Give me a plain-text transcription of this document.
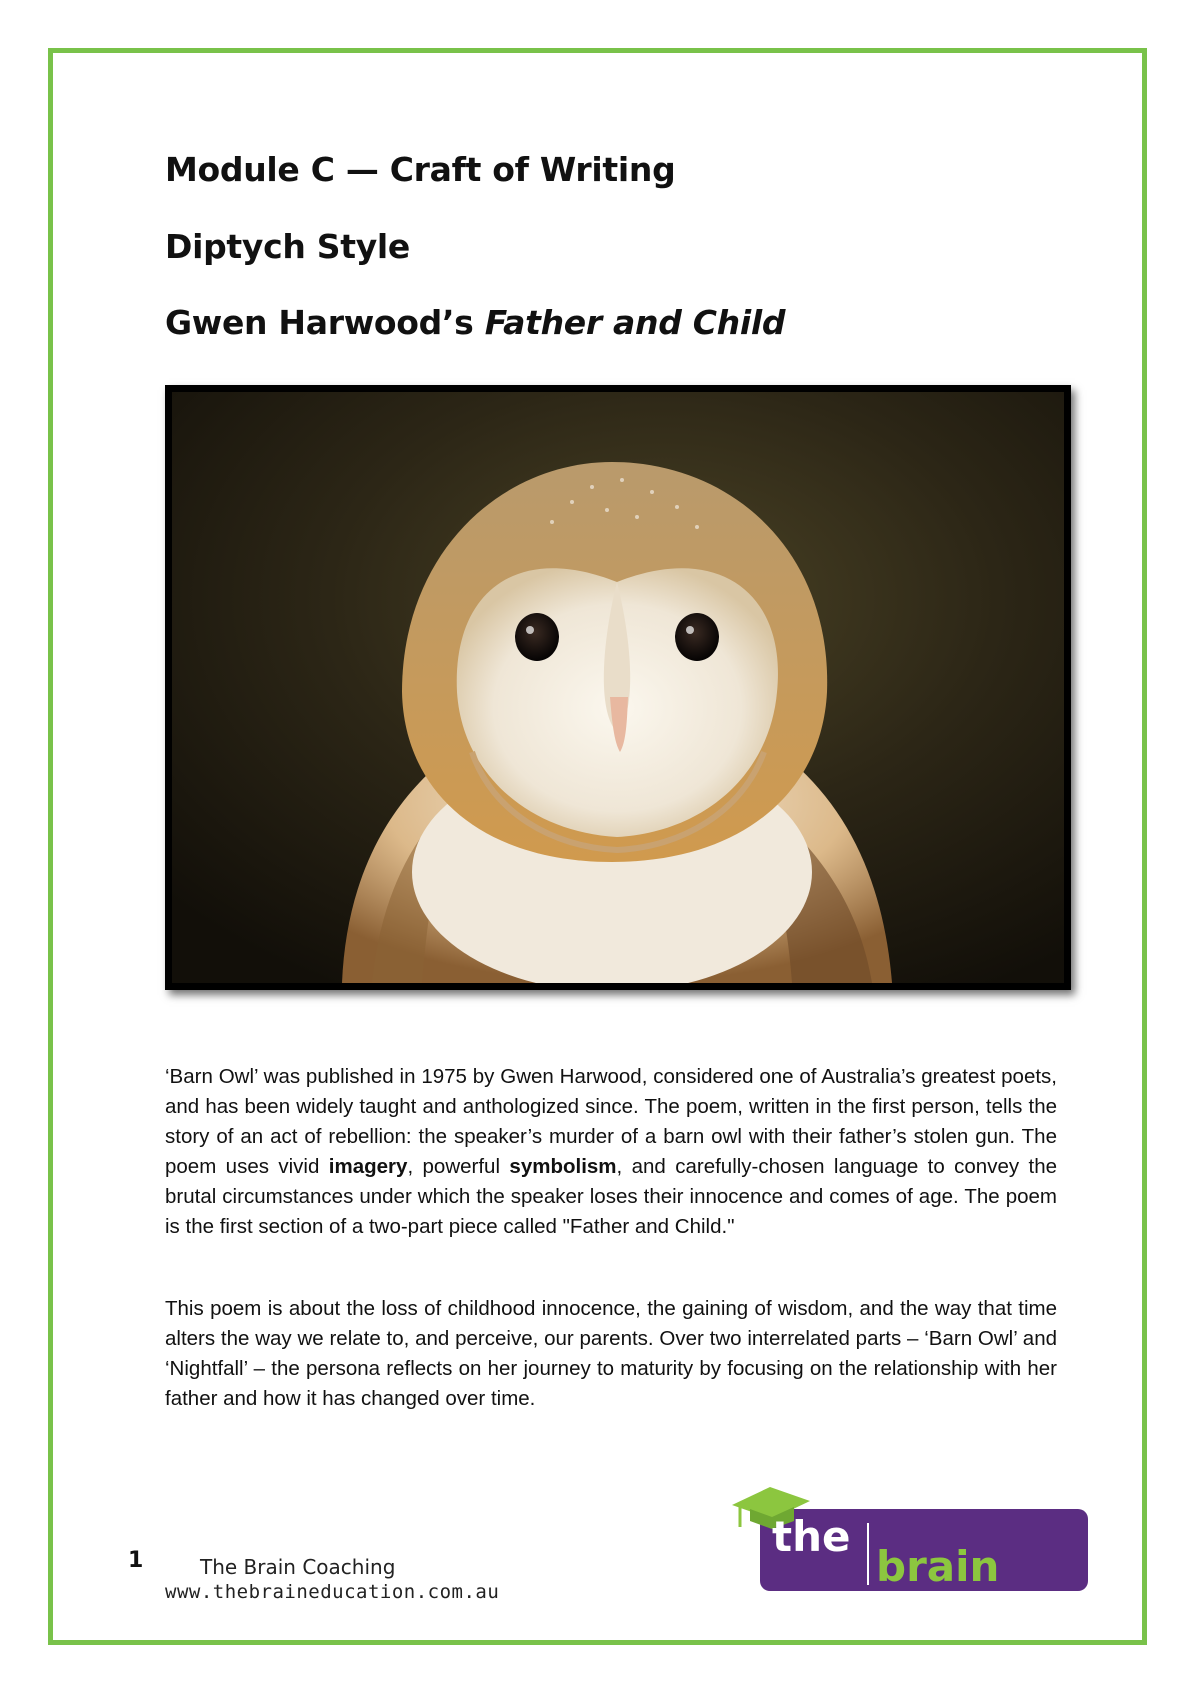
Module C — Craft of Writing
Diptych Style
Gwen Harwood’s Father and Child

‘Barn Owl’ was published in 1975 by Gwen Harwood, considered one of Australia’s greatest poets, and has been widely taught and anthologized since. The poem, written in the first person, tells the story of an act of rebellion: the speaker’s murder of a barn owl with their father’s stolen gun. The poem uses vivid imagery, powerful symbolism, and carefully-chosen language to convey the brutal circumstances under which the speaker loses their innocence and comes of age. The poem is the first section of a two-part piece called "Father and Child."

This poem is about the loss of childhood innocence, the gaining of wisdom, and the way that time alters the way we relate to, and perceive, our parents. Over two interrelated parts – ‘Barn Owl’ and ‘Nightfall’ – the persona reflects on her journey to maturity by focusing on the relationship with her father and how it has changed over time.

1	The Brain Coaching
www.thebraineducation.com.au
the
brain
